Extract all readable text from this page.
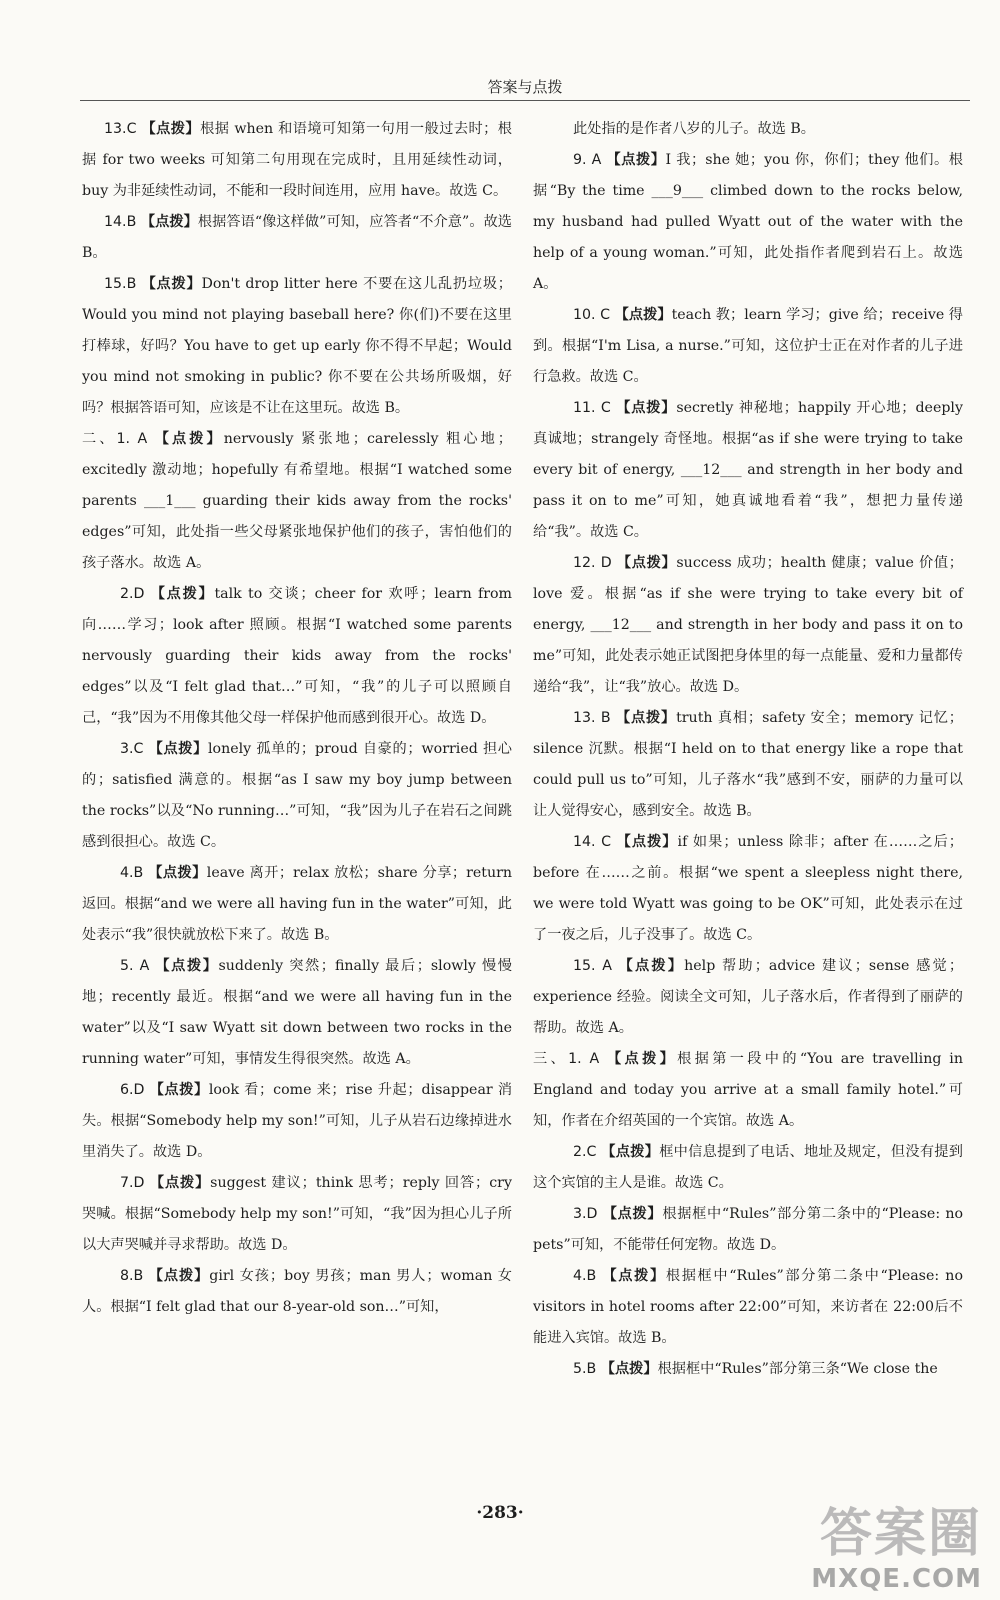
答案与点拨

13.C 【点拨】根据 when 和语境可知第一句用一般过去时；根据 for two weeks 可知第二句用现在完成时，且用延续性动词，buy 为非延续性动词，不能和一段时间连用，应用 have。故选 C。

14.B 【点拨】根据答语“像这样做”可知，应答者“不介意”。故选 B。

15.B 【点拨】Don't drop litter here 不要在这儿乱扔垃圾；Would you mind not playing baseball here? 你(们)不要在这里打棒球，好吗？You have to get up early 你不得不早起；Would you mind not smoking in public? 你不要在公共场所吸烟，好吗？根据答语可知，应该是不让在这里玩。故选 B。

二、1. A 【点拨】nervously 紧张地；carelessly 粗心地；excitedly 激动地；hopefully 有希望地。根据“I watched some parents ___1___ guarding their kids away from the rocks' edges”可知，此处指一些父母紧张地保护他们的孩子，害怕他们的孩子落水。故选 A。

2.D 【点拨】talk to 交谈；cheer for 欢呼；learn from 向……学习；look after 照顾。根据“I watched some parents nervously guarding their kids away from the rocks' edges”以及“I felt glad that…”可知，“我”的儿子可以照顾自己，“我”因为不用像其他父母一样保护他而感到很开心。故选 D。

3.C 【点拨】lonely 孤单的；proud 自豪的；worried 担心的；satisfied 满意的。根据“as I saw my boy jump between the rocks”以及“No running…”可知，“我”因为儿子在岩石之间跳感到很担心。故选 C。

4.B 【点拨】leave 离开；relax 放松；share 分享；return 返回。根据“and we were all having fun in the water”可知，此处表示“我”很快就放松下来了。故选 B。

5. A 【点拨】suddenly 突然；finally 最后；slowly 慢慢地；recently 最近。根据“and we were all having fun in the water”以及“I saw Wyatt sit down between two rocks in the running water”可知，事情发生得很突然。故选 A。

6.D 【点拨】look 看；come 来；rise 升起；disappear 消失。根据“Somebody help my son!”可知，儿子从岩石边缘掉进水里消失了。故选 D。

7.D 【点拨】suggest 建议；think 思考；reply 回答；cry 哭喊。根据“Somebody help my son!”可知，“我”因为担心儿子所以大声哭喊并寻求帮助。故选 D。

8.B 【点拨】girl 女孩；boy 男孩；man 男人；woman 女人。根据“I felt glad that our 8-year-old son…”可知，

此处指的是作者八岁的儿子。故选 B。

9. A 【点拨】I 我；she 她；you 你，你们；they 他们。根据“By the time ___9___ climbed down to the rocks below, my husband had pulled Wyatt out of the water with the help of a young woman.”可知，此处指作者爬到岩石上。故选 A。

10. C 【点拨】teach 教；learn 学习；give 给；receive 得到。根据“I'm Lisa, a nurse.”可知，这位护士正在对作者的儿子进行急救。故选 C。

11. C 【点拨】secretly 神秘地；happily 开心地；deeply 真诚地；strangely 奇怪地。根据“as if she were trying to take every bit of energy, ___12___ and strength in her body and pass it on to me”可知，她真诚地看着“我”，想把力量传递给“我”。故选 C。

12. D 【点拨】success 成功；health 健康；value 价值；love 爱。根据“as if she were trying to take every bit of energy, ___12___ and strength in her body and pass it on to me”可知，此处表示她正试图把身体里的每一点能量、爱和力量都传递给“我”，让“我”放心。故选 D。

13. B 【点拨】truth 真相；safety 安全；memory 记忆；silence 沉默。根据“I held on to that energy like a rope that could pull us to”可知，儿子落水“我”感到不安，丽萨的力量可以让人觉得安心，感到安全。故选 B。

14. C 【点拨】if 如果；unless 除非；after 在……之后；before 在……之前。根据“we spent a sleepless night there, we were told Wyatt was going to be OK”可知，此处表示在过了一夜之后，儿子没事了。故选 C。

15. A 【点拨】help 帮助；advice 建议；sense 感觉；experience 经验。阅读全文可知，儿子落水后，作者得到了丽萨的帮助。故选 A。

三、1. A 【点拨】根据第一段中的“You are travelling in England and today you arrive at a small family hotel.”可知，作者在介绍英国的一个宾馆。故选 A。

2.C 【点拨】框中信息提到了电话、地址及规定，但没有提到这个宾馆的主人是谁。故选 C。

3.D 【点拨】根据框中“Rules”部分第二条中的“Please: no pets”可知，不能带任何宠物。故选 D。

4.B 【点拨】根据框中“Rules”部分第二条中“Please: no visitors in hotel rooms after 22:00”可知，来访者在 22:00后不能进入宾馆。故选 B。

5.B 【点拨】根据框中“Rules”部分第三条“We close the

·283·	答案圈
MXQE.COM
